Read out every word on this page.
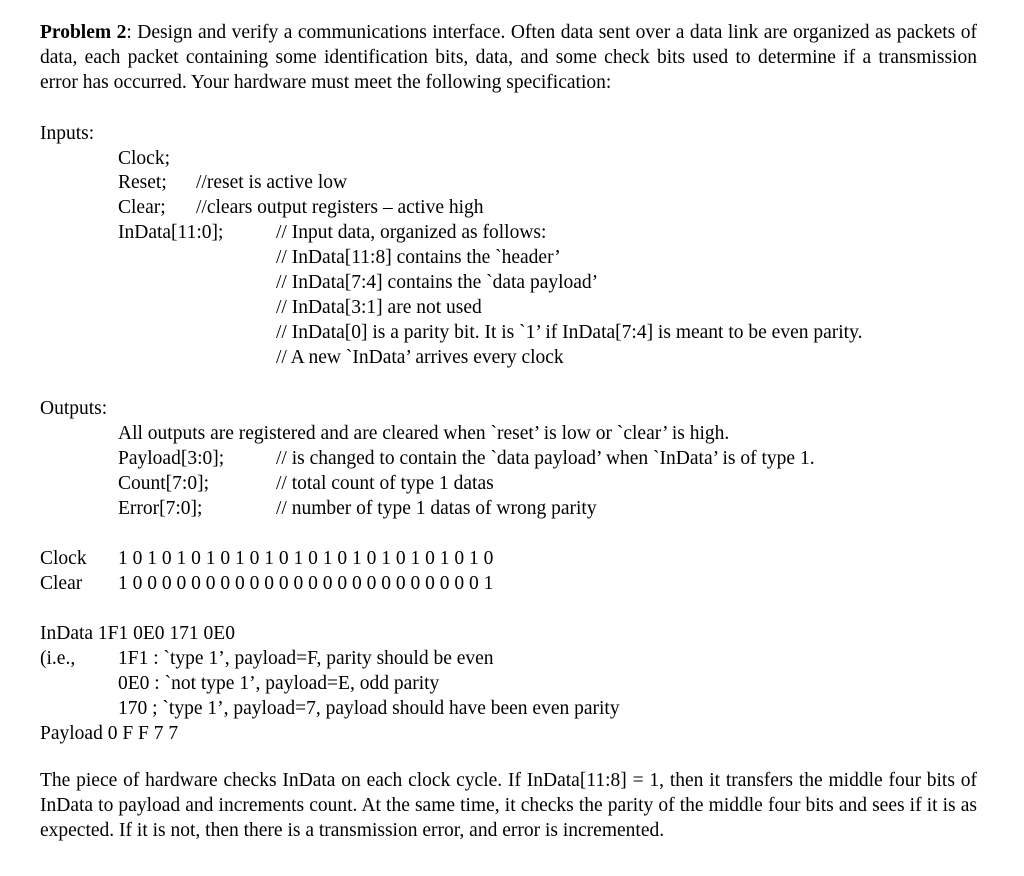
Problem 2: Design and verify a communications interface. Often data sent over a data link are organized as packets of data, each packet containing some identification bits, data, and some check bits used to determine if a transmission error has occurred. Your hardware must meet the following specification:
Inputs:
Clock;
Reset; //reset is active low
Clear; //clears output registers – active high
InData[11:0];	// Input data, organized as follows:
// InData[11:8] contains the `header’
// InData[7:4] contains the `data payload’
// InData[3:1] are not used
// InData[0] is a parity bit. It is `1’ if InData[7:4] is meant to be even parity.
// A new `InData’ arrives every clock
Outputs:
All outputs are registered and are cleared when `reset’ is low or `clear’ is high.
Payload[3:0];	// is changed to contain the `data payload’ when `InData’ is of type 1.
Count[7:0];	// total count of type 1 datas
Error[7:0];	// number of type 1 datas of wrong parity
Clock 1 0 1 0 1 0 1 0 1 0 1 0 1 0 1 0 1 0 1 0 1 0 1 0 1 0
Clear 1 0 0 0 0 0 0 0 0 0 0 0 0 0 0 0 0 0 0 0 0 0 0 0 0 1
InData 1F1 0E0 171 0E0
(i.e., 1F1 : `type 1’, payload=F, parity should be even
0E0 : `not type 1’, payload=E, odd parity
170 ; `type 1’, payload=7, payload should have been even parity
Payload 0 F F 7 7
The piece of hardware checks InData on each clock cycle. If InData[11:8] = 1, then it transfers the middle four bits of InData to payload and increments count. At the same time, it checks the parity of the middle four bits and sees if it is as expected. If it is not, then there is a transmission error, and error is incremented.
